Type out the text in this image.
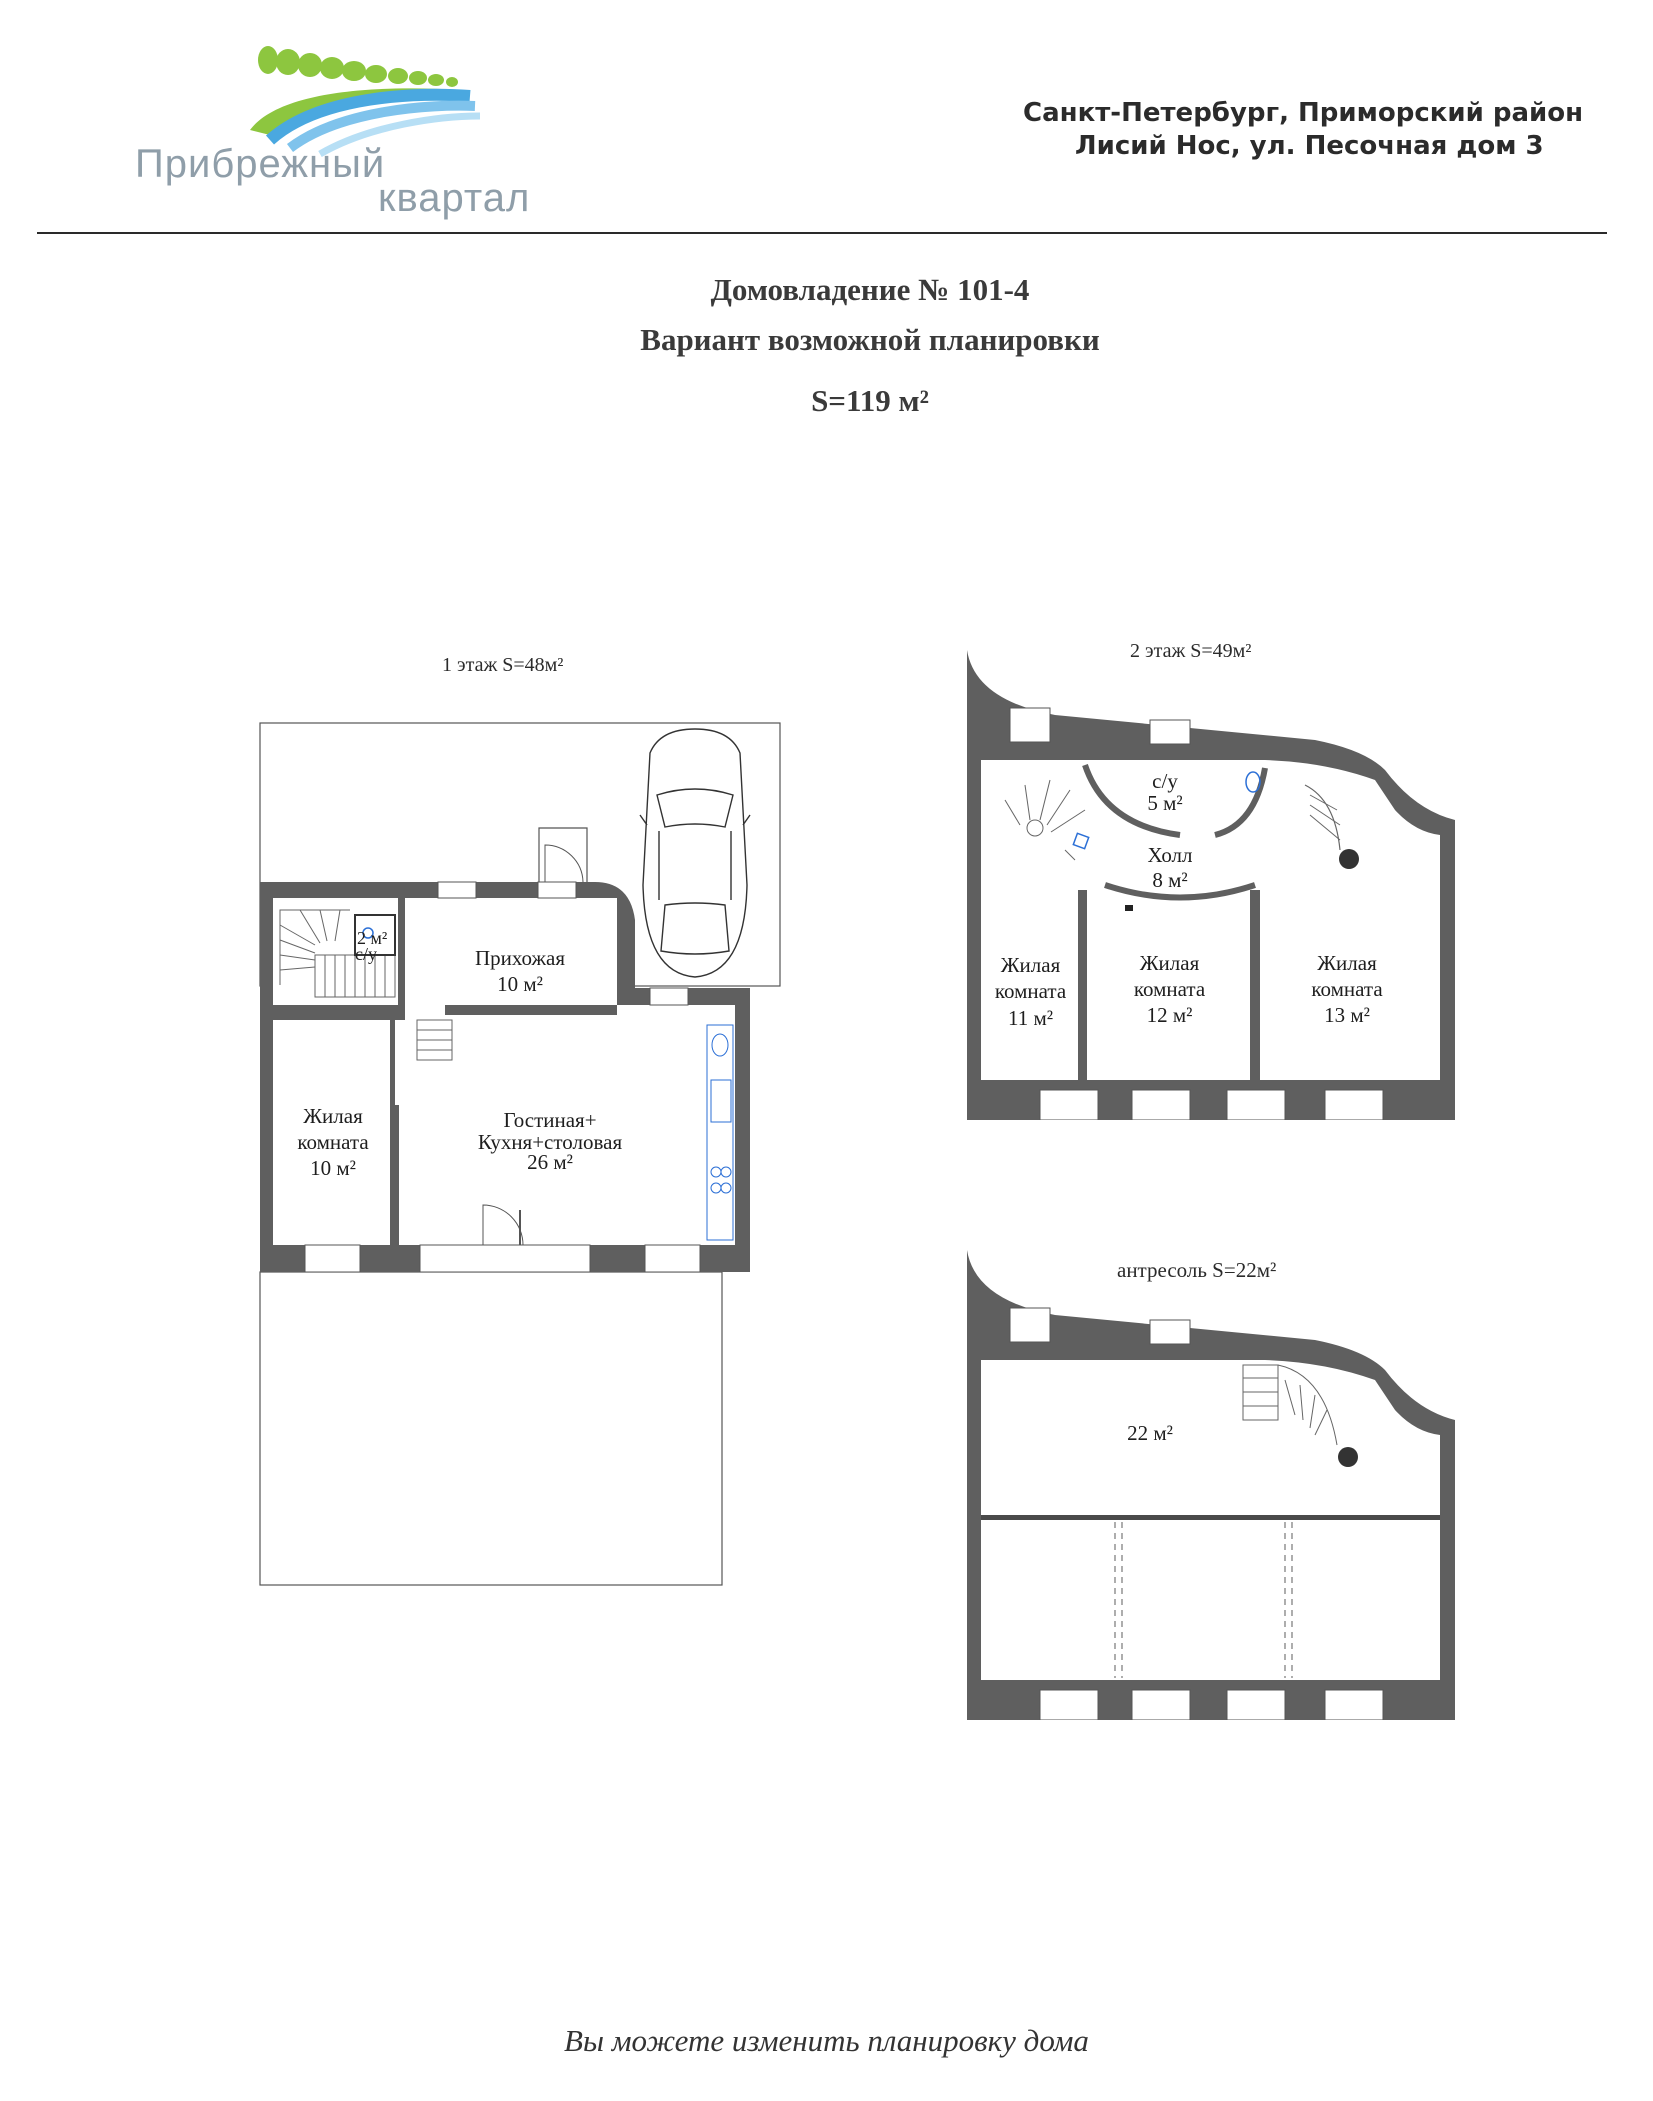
Прибрежный
квартал
Санкт-Петербург, Приморский район
Лисий Нос, ул. Песочная дом 3
Домовладение № 101-4
Вариант возможной планировки
S=119 м²
1 этаж S=48м²
2 м²
с/у	Прихожая
10 м²
Жилая
комната
10 м²
Гостиная+
Кухня+столовая
26 м²
2 этаж S=49м²
с/у
5 м²
Холл
8 м²
Жилая
комната
11 м²
Жилая
комната
12 м²
Жилая
комната
13 м²
антресоль S=22м²
22 м²
Вы можете изменить планировку дома
